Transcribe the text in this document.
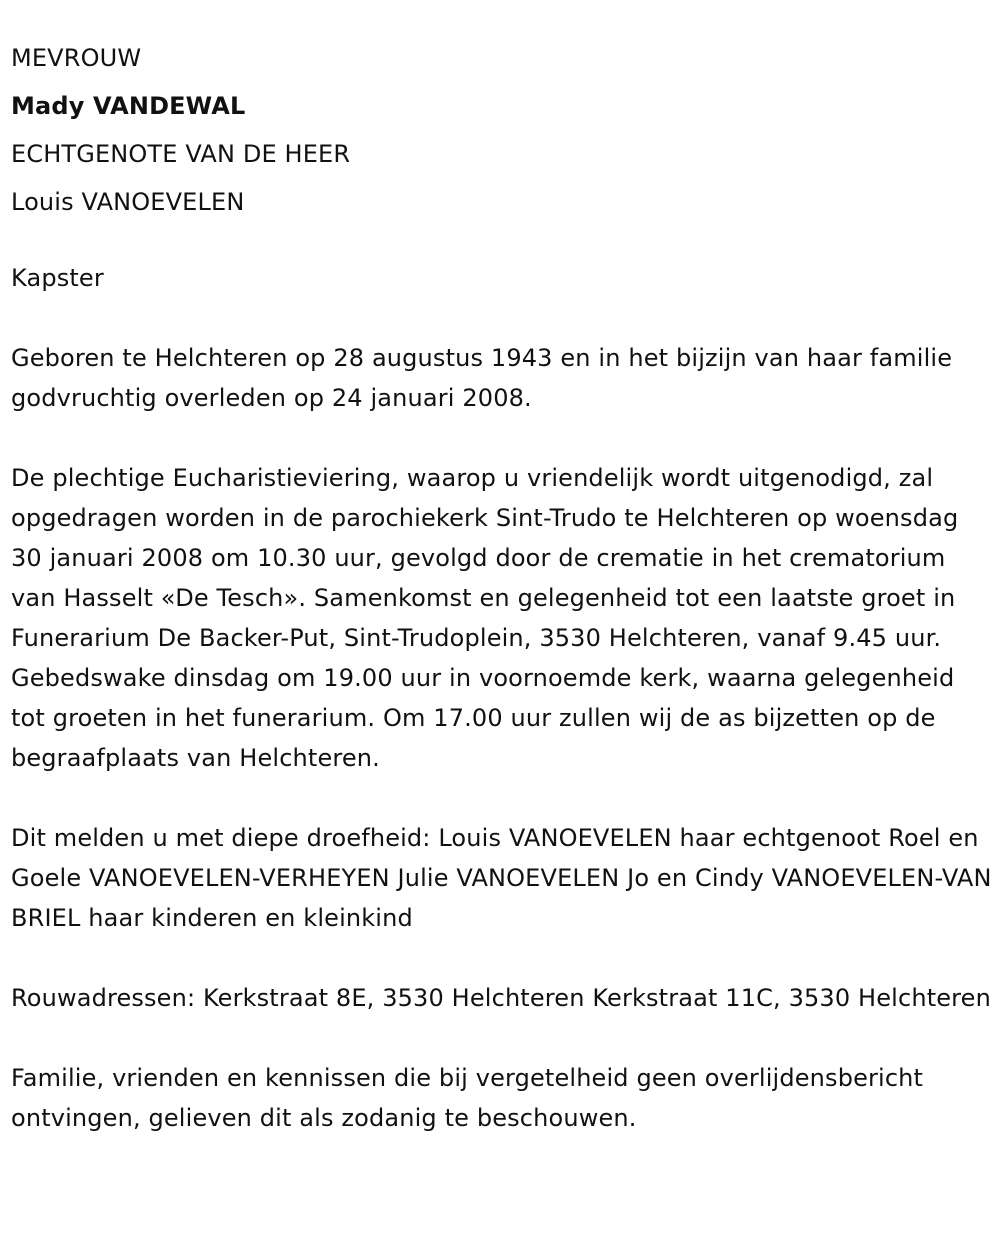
MEVROUW
Mady VANDEWAL
ECHTGENOTE VAN DE HEER
Louis VANOEVELEN

Kapster

Geboren te Helchteren op 28 augustus 1943 en in het bijzijn van haar familie godvruchtig overleden op 24 januari 2008.

De plechtige Eucharistieviering, waarop u vriendelijk wordt uitgenodigd, zal opgedragen worden in de parochiekerk Sint-Trudo te Helchteren op woensdag 30 januari 2008 om 10.30 uur, gevolgd door de crematie in het crematorium van Hasselt «De Tesch». Samenkomst en gelegenheid tot een laatste groet in Funerarium De Backer-Put, Sint-Trudoplein, 3530 Helchteren, vanaf 9.45 uur. Gebedswake dinsdag om 19.00 uur in voornoemde kerk, waarna gelegenheid tot groeten in het funerarium. Om 17.00 uur zullen wij de as bijzetten op de begraafplaats van Helchteren.

Dit melden u met diepe droefheid: Louis VANOEVELEN haar echtgenoot Roel en Goele VANOEVELEN-VERHEYEN Julie VANOEVELEN Jo en Cindy VANOEVELEN-VAN BRIEL haar kinderen en kleinkind

Rouwadressen: Kerkstraat 8E, 3530 Helchteren Kerkstraat 11C, 3530 Helchteren

Familie, vrienden en kennissen die bij vergetelheid geen overlijdensbericht ontvingen, gelieven dit als zodanig te beschouwen.
